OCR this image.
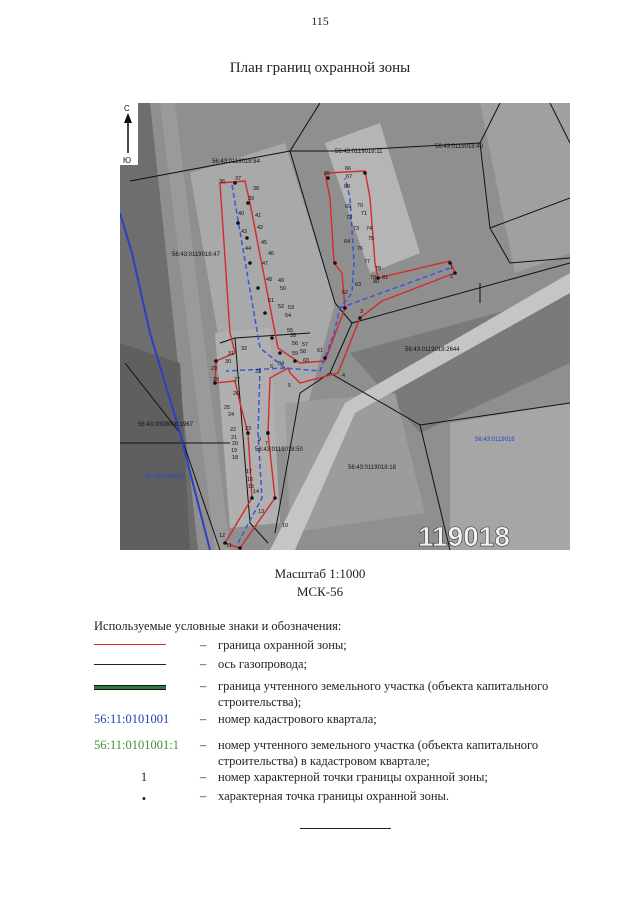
115
План границ охранной зоны
С
Ю	56:43:0119018:84
56:43:0119018:11
56:43:0119018:49
56:43:0119018:47
56:43:0119018:2644
56:43:0000000:1967
56:43:0119018:50
56:43:0119018:18
56:43:0119018
56:43:0119018
119018
1
2
3
4
5
6
7
8
9
10
11
12
13
14
15
16
17
18
19
20
21
22 23
24
25
26
27
28
29
30
31
32
33
34
35
36 37
38
39
40 41
42
43
44
45
46
47
48 49
50
51
52 53
54
55
56 57
58
59
60
61
62
63
64
65
66
67
68
69 70
71
72
73 74
75
76
77
78
79
80
81
Масштаб 1:1000
МСК-56
Используемые условные знаки и обозначения:
– граница охранной зоны;
– ось газопровода;
– граница учтенного земельного участка (объекта капитального строительства);
56:11:0101001	– номер кадастрового квартала;
56:11:0101001:1	– номер учтенного земельного участка (объекта капитального строительства) в кадастровом квартале;
1	– номер характерной точки границы охранной зоны;
•	– характерная точка границы охранной зоны.
